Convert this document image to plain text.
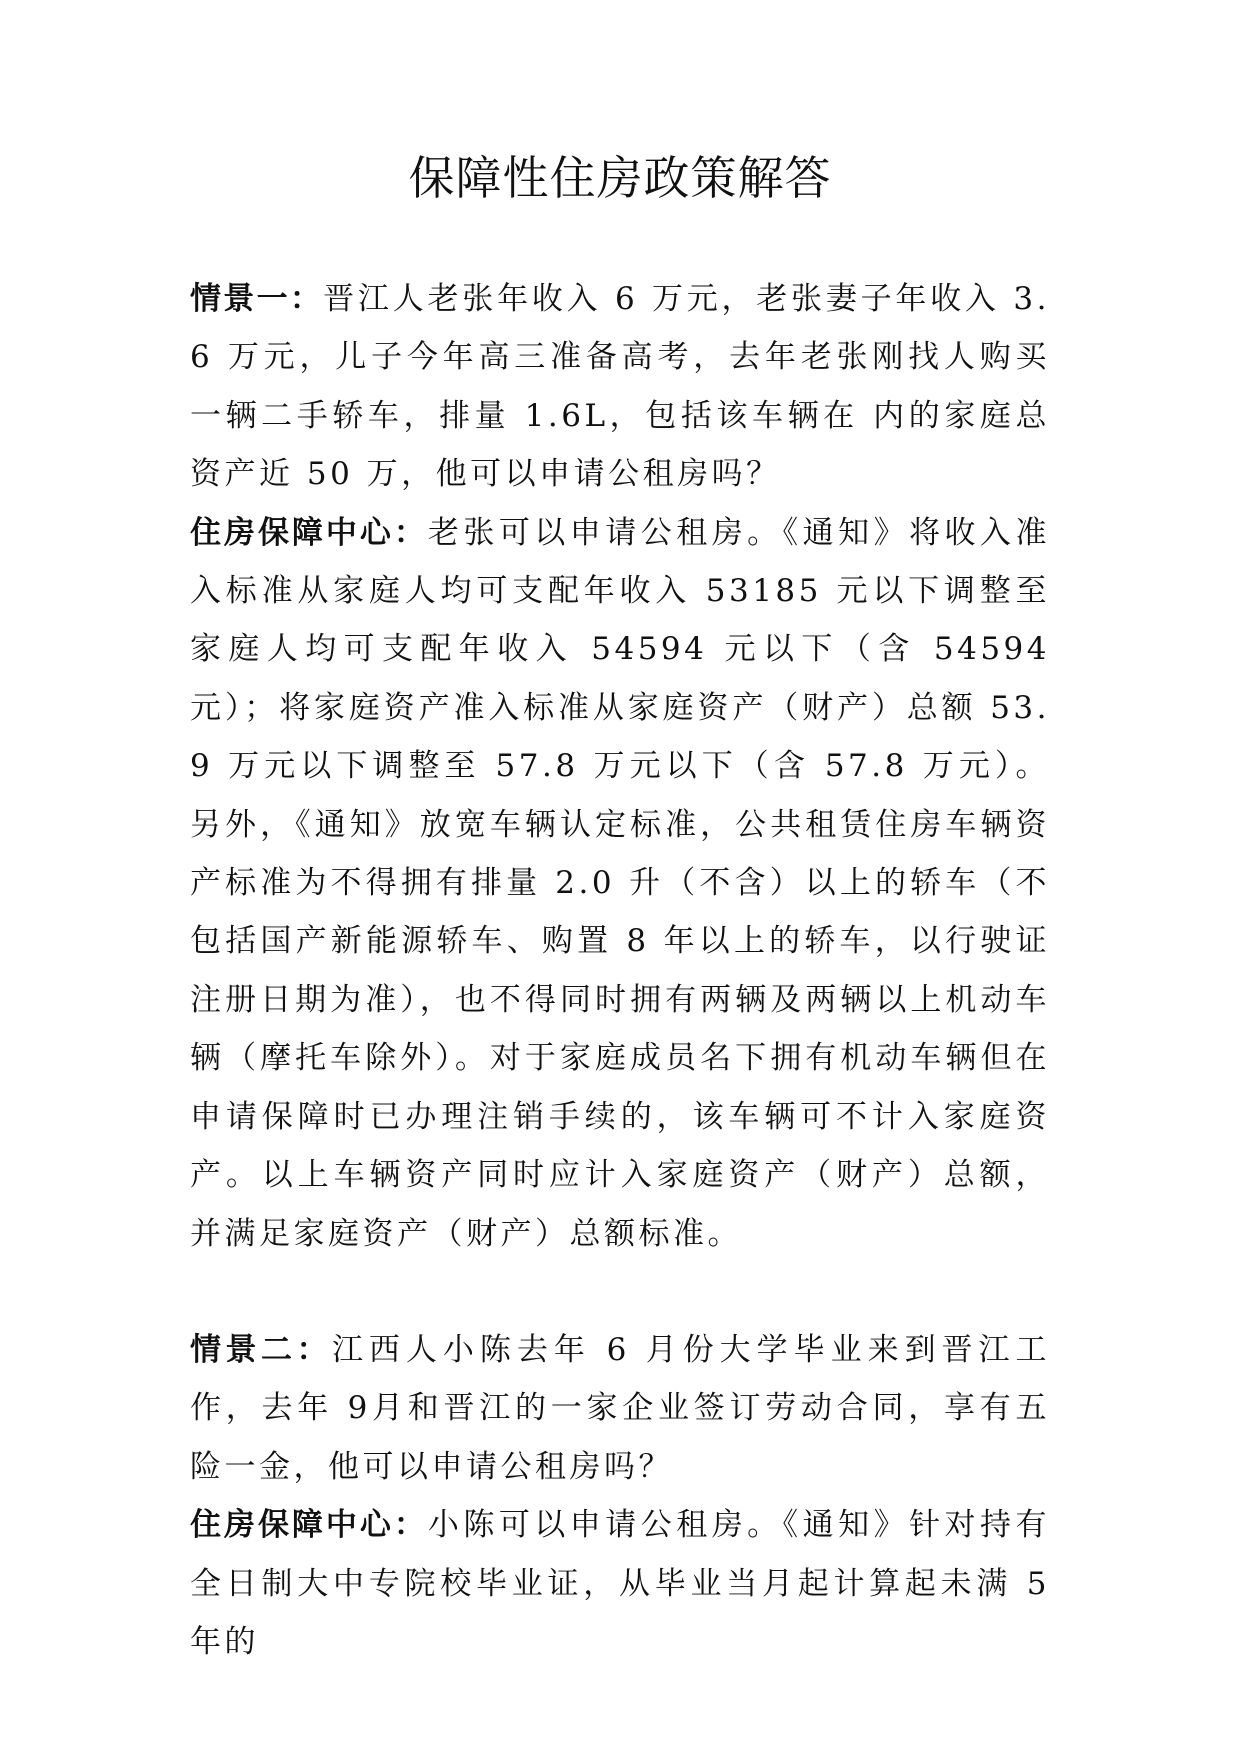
保障性住房政策解答

情景一：晋江人老张年收入 6 万元，老张妻子年收入 3.6 万元，儿子今年高三准备高考，去年老张刚找人购买一辆二手轿车，排量 1.6L，包括该车辆在 内的家庭总资产近 50 万，他可以申请公租房吗？

住房保障中心：老张可以申请公租房。《通知》将收入准入标准从家庭人均可支配年收入 53185 元以下调整至家庭人均可支配年收入 54594 元以下（含 54594 元）；将家庭资产准入标准从家庭资产（财产）总额 53.9 万元以下调整至 57.8 万元以下（含 57.8 万元）。另外，《通知》放宽车辆认定标准，公共租赁住房车辆资产标准为不得拥有排量 2.0 升（不含）以上的轿车（不包括国产新能源轿车、购置 8 年以上的轿车，以行驶证注册日期为准），也不得同时拥有两辆及两辆以上机动车辆（摩托车除外）。对于家庭成员名下拥有机动车辆但在申请保障时已办理注销手续的，该车辆可不计入家庭资产。以上车辆资产同时应计入家庭资产（财产）总额，并满足家庭资产（财产）总额标准。

情景二：江西人小陈去年 6 月份大学毕业来到晋江工作，去年 9月和晋江的一家企业签订劳动合同，享有五险一金，他可以申请公租房吗？

住房保障中心：小陈可以申请公租房。《通知》针对持有全日制大中专院校毕业证，从毕业当月起计算起未满 5 年的
